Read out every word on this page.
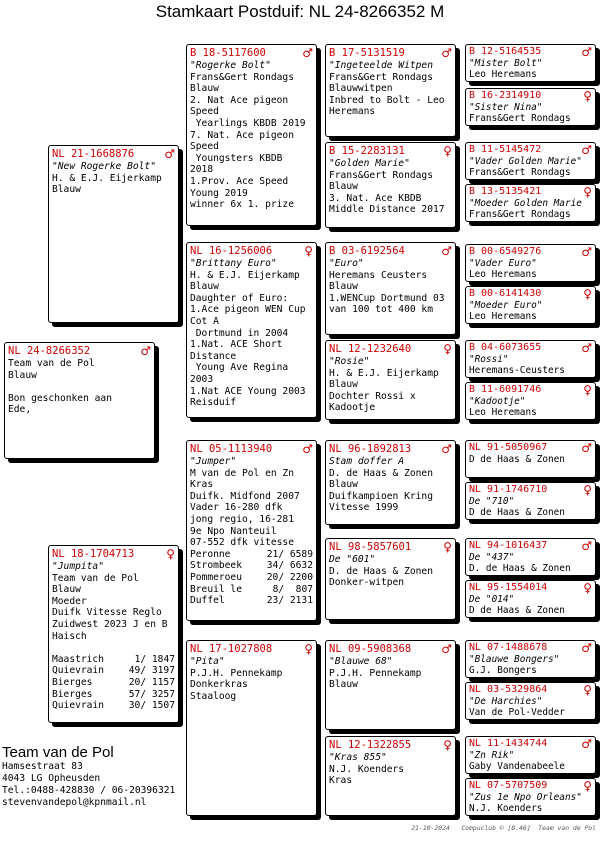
Stamkaart Postduif: NL 24-8266352 M
NL 24-8266352	♂
Team van de Pol
Blauw

Bon geschonken aan
Ede,
NL 21-1668876	♂
"New Rogerke Bolt"
H. & E.J. Eijerkamp
Blauw
NL 18-1704713	♀
"Jumpita"
Team van de Pol
Blauw
Moeder
Duifk Vitesse Reglo
Zuidwest 2023 J en B
Haisch

Maastrich	1/ 1847
Quievrain	49/ 3197
Bierges	20/ 1157
Bierges	57/ 3257
Quievrain	30/ 1507
B 18-5117600	♂
"Rogerke Bolt"
Frans&Gert Rondags
Blauw
2. Nat Ace pigeon
Speed
Yearlings KBDB 2019
7. Nat. Ace pigeon
Speed
Youngsters KBDB
2018
1.Prov. Ace Speed
Young 2019
winner 6x 1. prize
NL 16-1256006	♀
"Brittany Euro"
H. & E.J. Eijerkamp
Blauw
Daughter of Euro:
1.Ace pigeon WEN Cup
Cot A
Dortmund in 2004
1.Nat. ACE Short
Distance
Young Ave Regina
2003
1.Nat ACE Young 2003
Reisduif
NL 05-1113940	♂
"Jumper"
M van de Pol en Zn
Kras
Duifk. Midfond 2007
Vader 16-280 dfk
jong regio, 16-281
9e Npo Nanteuil
07-552 dfk vitesse
Peronne	21/ 6589
Strombeek	34/ 6632
Pommeroeu	20/ 2200
Breuil le	8/  807
Duffel	23/ 2131
NL 17-1027808	♀
"Pita"
P.J.H. Pennekamp
Donkerkras
Staaloog
B 17-5131519	♂
"Ingeteelde Witpen
Frans&Gert Rondags
Blauwwitpen
Inbred to Bolt - Leo
Heremans
B 15-2283131	♀
"Golden Marie"
Frans&Gert Rondags
Blauw
3. Nat. Ace KBDB
Middle Distance 2017
B 03-6192564	♂
"Euro"
Heremans Ceusters
Blauw
1.WENCup Dortmund 03
van 100 tot 400 km
NL 12-1232640	♀
"Rosie"
H. & E.J. Eijerkamp
Blauw
Dochter Rossi x
Kadootje
NL 96-1892813	♂
Stam doffer A
D. de Haas & Zonen
Blauw
Duifkampioen Kring
Vitesse 1999
NL 98-5857601	♀
De "601"
D. de Haas & Zonen
Donker-witpen
NL 09-5908368	♂
"Blauwe 68"
P.J.H. Pennekamp
Blauw
NL 12-1322855	♀
"Kras 855"
N.J. Koenders
Kras
B 12-5164535	♂
"Mister Bolt"
Leo Heremans
B 16-2314910	♀
"Sister Nina"
Frans&Gert Rondags
B 11-5145472	♂
"Vader Golden Marie"
Frans&Gert Rondags
B 13-5135421	♀
"Moeder Golden Marie
Frans&Gert Rondags
B 00-6549276	♂
"Vader Euro"
Leo Heremans
B 00-6141430	♀
"Moeder Euro"
Leo Heremans
B 04-6073655	♂
"Rossi"
Heremans-Ceusters
B 11-6091746	♀
"Kadootje"
Leo Heremans
NL 91-5050967	♂
D de Haas & Zonen
NL 91-1746710	♀
De "710"
D de Haas & Zonen
NL 94-1016437	♂
De "437"
D. de Haas & Zonen
NL 95-1554014	♀
De "014"
D de Haas & Zonen
NL 07-1488678	♂
"Blauwe Bongers"
G.J. Bongers
NL 03-5329864	♀
"De Harchies"
Van de Pol-Vedder
NL 11-1434744	♂
"Zn Rik"
Gaby Vandenabeele
NL 07-5707509	♀
"Zus 1e Npo Orleans"
N.J. Koenders
Team van de Pol
Hamsestraat 83
4043 LG Opheusden
Tel.:0488-428830 / 06-20396321
stevenvandepol@kpnmail.nl
21-10-2024   Compuclub © [8.46]  Team van de Pol
